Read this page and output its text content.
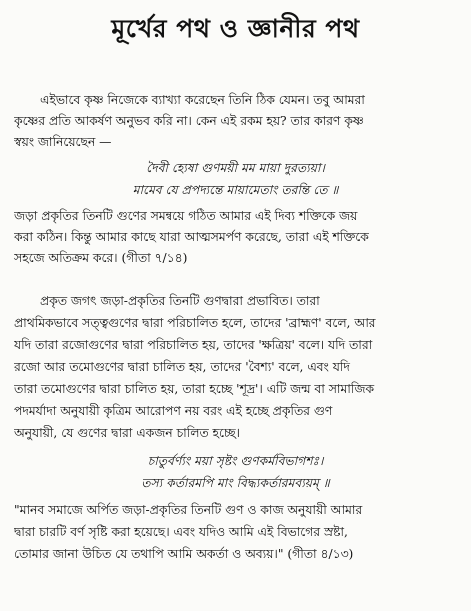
মূর্খের পথ ও জ্ঞানীর পথ
এইভাবে কৃষ্ণ নিজেকে ব্যাখ্যা করেছেন তিনি ঠিক যেমন। তবু আমরা
কৃষ্ণের প্রতি আকর্ষণ অনুভব করি না। কেন এই রকম হয়? তার কারণ কৃষ্ণ
স্বয়ং জানিয়েছেন —
দৈবী হ্যেষা গুণময়ী মম মায়া দুরত্যয়া।
মামেব যে প্রপদ্যন্তে মায়ামেতাং তরন্তি তে ॥
জড়া প্রকৃতির তিনটি গুণের সমন্বয়ে গঠিত আমার এই দিব্য শক্তিকে জয়
করা কঠিন। কিন্তু আমার কাছে যারা আত্মসমর্পণ করেছে, তারা এই শক্তিকে
সহজে অতিক্রম করে। (গীতা ৭/১৪)
প্রকৃত জগৎ জড়া-প্রকৃতির তিনটি গুণদ্বারা প্রভাবিত। তারা
প্রাথমিকভাবে সত্ত্বগুণের দ্বারা পরিচালিত হলে, তাদের 'ব্রাহ্মণ' বলে, আর
যদি তারা রজোগুণের দ্বারা পরিচালিত হয়, তাদের 'ক্ষত্রিয়' বলে। যদি তারা
রজো আর তমোগুণের দ্বারা চালিত হয়, তাদের 'বৈশ্য' বলে, এবং যদি
তারা তমোগুণের দ্বারা চালিত হয়, তারা হচ্ছে 'শূদ্র'। এটি জন্ম বা সামাজিক
পদমর্যাদা অনুযায়ী কৃত্রিম আরোপণ নয় বরং এই হচ্ছে প্রকৃতির গুণ
অনুযায়ী, যে গুণের দ্বারা একজন চালিত হচ্ছে।
চাতুর্বর্ণ্যং ময়া সৃষ্টং গুণকর্মবিভাগশঃ।
তস্য কর্তারমপি মাং বিদ্ধ্যকর্তারমব্যয়ম্ ॥
"মানব সমাজে অর্পিত জড়া-প্রকৃতির তিনটি গুণ ও কাজ অনুযায়ী আমার
দ্বারা চারটি বর্ণ সৃষ্টি করা হয়েছে। এবং যদিও আমি এই বিভাগের স্রষ্টা,
তোমার জানা উচিত যে তথাপি আমি অকর্তা ও অব্যয়।" (গীতা ৪/১৩)
